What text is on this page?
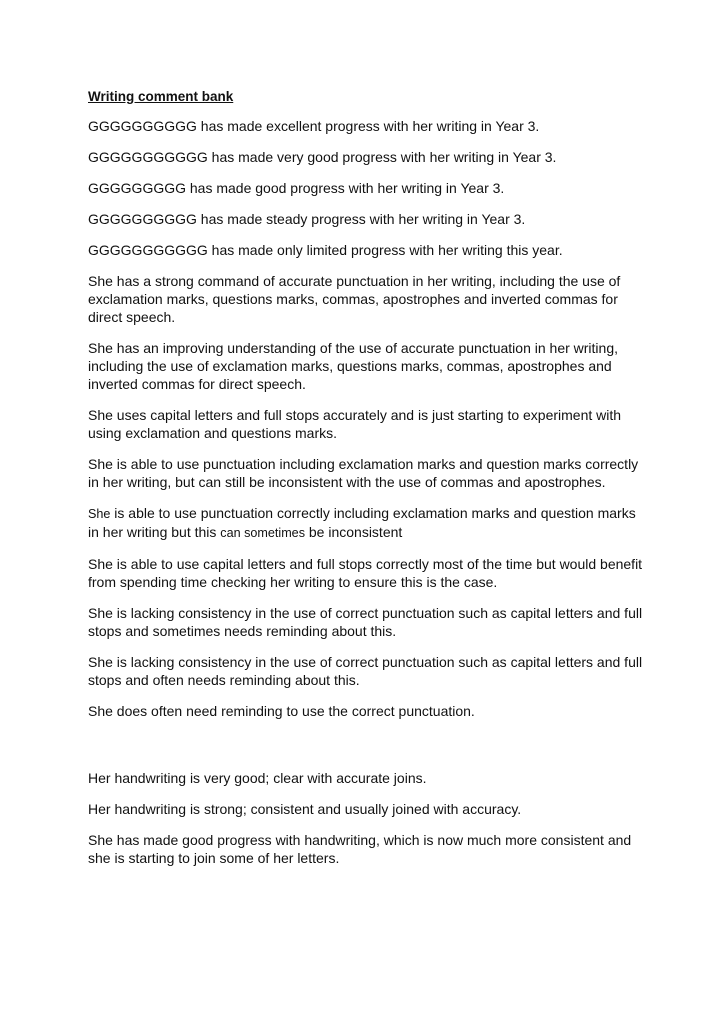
Writing comment bank

GGGGGGGGGG has made excellent progress with her writing in Year 3.

GGGGGGGGGGG has made very good progress with her writing in Year 3.

GGGGGGGGG has made good progress with her writing in Year 3.

GGGGGGGGGG has made steady progress with her writing in Year 3.

GGGGGGGGGGG has made only limited progress with her writing this year.

She has a strong command of accurate punctuation in her writing, including the use of exclamation marks, questions marks, commas, apostrophes and inverted commas for direct speech.

She has an improving understanding of the use of accurate punctuation in her writing, including the use of exclamation marks, questions marks, commas, apostrophes and inverted commas for direct speech.

She uses capital letters and full stops accurately and is just starting to experiment with using exclamation and questions marks.

She is able to use punctuation including exclamation marks and question marks correctly in her writing, but can still be inconsistent with the use of commas and apostrophes.

She is able to use punctuation correctly including exclamation marks and question marks in her writing but this can sometimes be inconsistent

She is able to use capital letters and full stops correctly most of the time but would benefit from spending time checking her writing to ensure this is the case.

She is lacking consistency in the use of correct punctuation such as capital letters and full stops and sometimes needs reminding about this.

She is lacking consistency in the use of correct punctuation such as capital letters and full stops and often needs reminding about this.

She does often need reminding to use the correct punctuation.

Her handwriting is very good; clear with accurate joins.

Her handwriting is strong; consistent and usually joined with accuracy.

She has made good progress with handwriting, which is now much more consistent and she is starting to join some of her letters.
